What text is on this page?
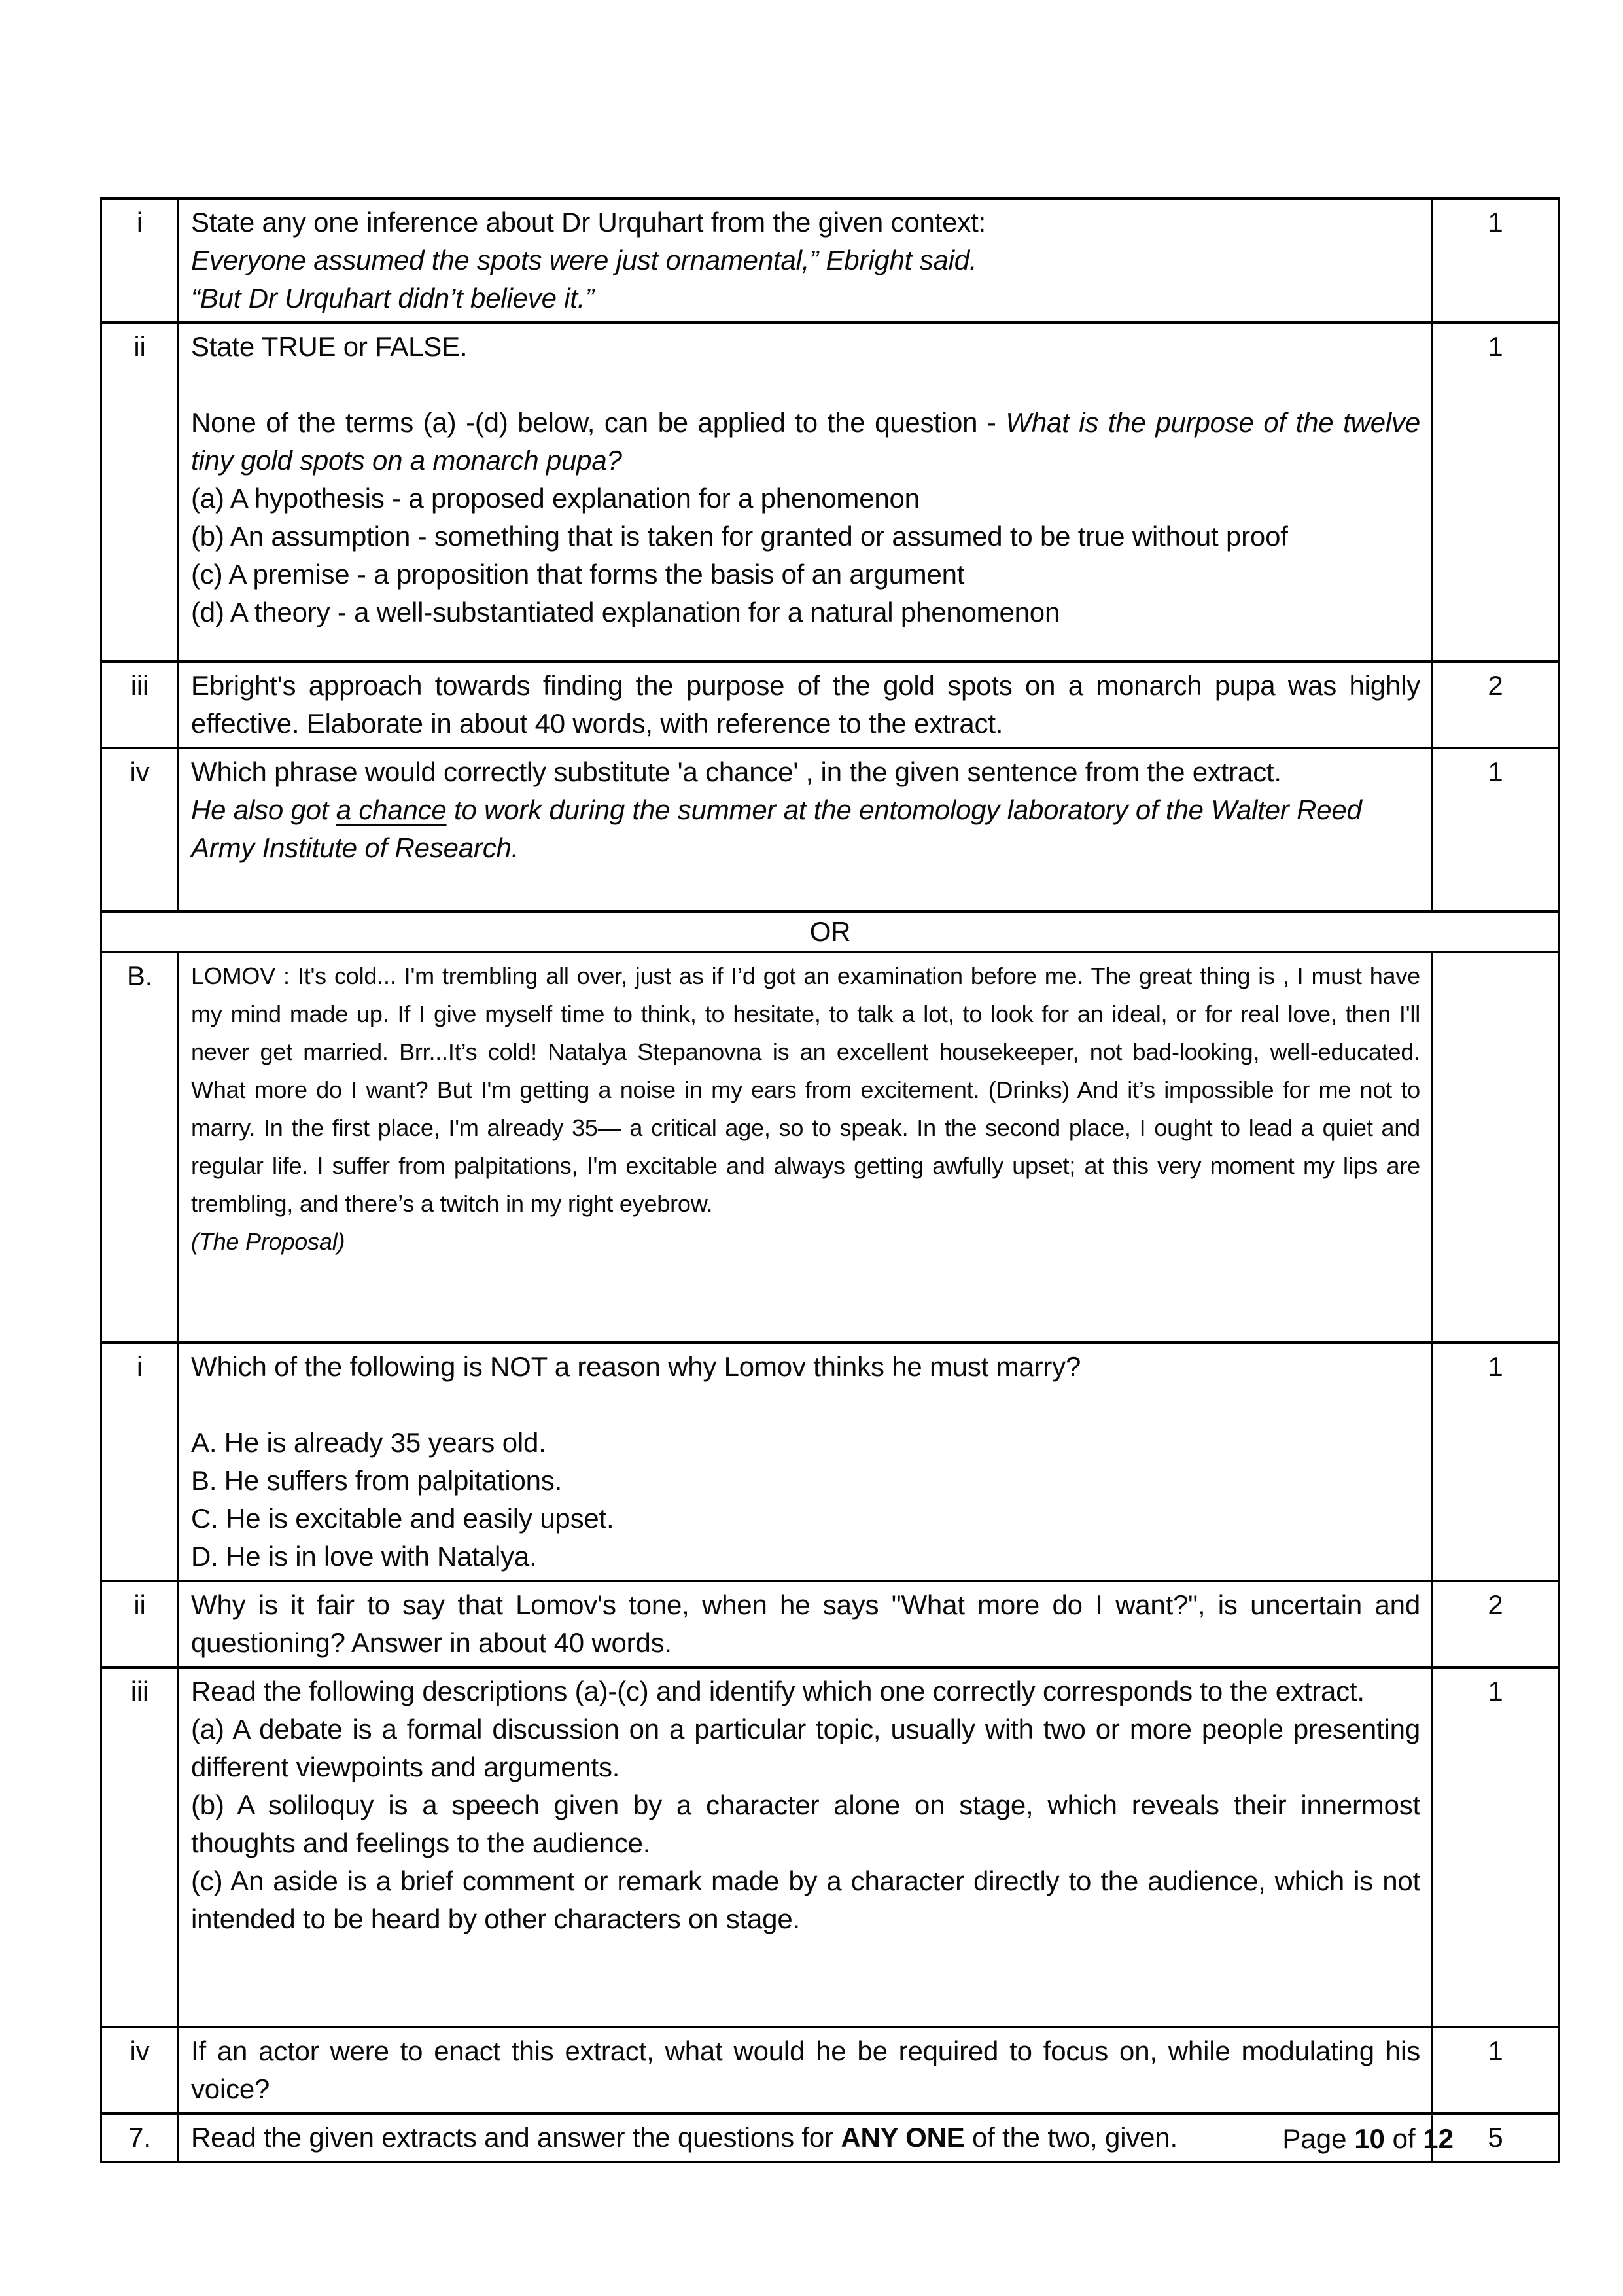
i	State any one inference about Dr Urquhart from the given context:
Everyone assumed the spots were just ornamental,” Ebright said.
“But Dr Urquhart didn’t believe it.”	1
ii	State TRUE or FALSE.

None of the terms (a) -(d) below, can be applied to the question - What is the purpose of the twelve tiny gold spots on a monarch pupa?
(a) A hypothesis - a proposed explanation for a phenomenon
(b) An assumption - something that is taken for granted or assumed to be true without proof
(c) A premise - a proposition that forms the basis of an argument
(d) A theory - a well-substantiated explanation for a natural phenomenon
	1
iii	Ebright's approach towards finding the purpose of the gold spots on a monarch pupa was highly effective. Elaborate in about 40 words, with reference to the extract.	2
iv	Which phrase would correctly substitute 'a chance' , in the given sentence from the extract.
He also got a chance to work during the summer at the entomology laboratory of the Walter Reed Army Institute of Research.	1
OR		
B.	LOMOV : It's cold... I'm trembling all over, just as if I’d got an examination before me. The great thing is , I must have my mind made up. If I give myself time to think, to hesitate, to talk a lot, to look for an ideal, or for real love, then I'll never get married. Brr...It’s cold! Natalya Stepanovna is an excellent housekeeper, not bad-looking, well-educated. What more do I want? But I'm getting a noise in my ears from excitement. (Drinks) And it’s impossible for me not to marry. In the first place, I'm already 35— a critical age, so to speak. In the second place, I ought to lead a quiet and regular life. I suffer from palpitations, I'm excitable and always getting awfully upset; at this very moment my lips are trembling, and there’s a twitch in my right eyebrow.
(The Proposal)	

i	Which of the following is NOT a reason why Lomov thinks he must marry?

A. He is already 35 years old.
B. He suffers from palpitations.
C. He is excitable and easily upset.
D. He is in love with Natalya.	1
ii	Why is it fair to say that Lomov's tone, when he says "What more do I want?", is uncertain and questioning? Answer in about 40 words.	2
iii	Read the following descriptions (a)-(c) and identify which one correctly corresponds to the extract.
(a) A debate is a formal discussion on a particular topic, usually with two or more people presenting different viewpoints and arguments.
(b) A soliloquy is a speech given by a character alone on stage, which reveals their innermost thoughts and feelings to the audience.
(c) An aside is a brief comment or remark made by a character directly to the audience, which is not intended to be heard by other characters on stage.	1
iv	If an actor were to enact this extract, what would he be required to focus on, while modulating his voice?	1
7.	Read the given extracts and answer the questions for ANY ONE of the two, given.	5
Page 10 of 12
